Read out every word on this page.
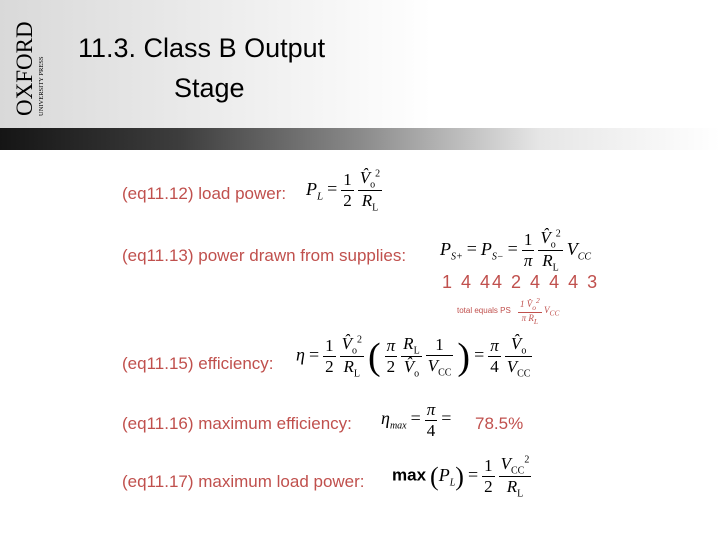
OXFORD UNIVERSITY PRESS
11.3. Class B Output
Stage
(eq11.12) load power: $P_L = \frac{1}{2}$
$\frac{V̂_o^2}{R_L}$
(eq11.13) power drawn from supplies: $P_{S+} = P_{S-} = \frac{1}{\pi}$
$\frac{V̂_o^2}{R_L} V_{CC}$
1 4 44 2 4 4 4 3
total equals PS $\frac{1 V̂_o^2}{\pi R_L} V_{CC}$
(eq11.15) efficiency: $\eta = \frac{1}{2}$
$\frac{V̂_o^2}{R_L}$ ( $\frac{\pi}{2}$
$\frac{R_L}{V̂_o}$
$\frac{1}{V_{CC}}$ ) = $\frac{\pi}{4}$
$\frac{V̂_o}{V_{CC}}$
(eq11.16) maximum efficiency: $\eta_{max} = \frac{\pi}{4} = 78.5\%$
(eq11.17) maximum load power: $\max (P_L) = \frac{1}{2}$
$\frac{V_{CC}^2}{R_L}$
